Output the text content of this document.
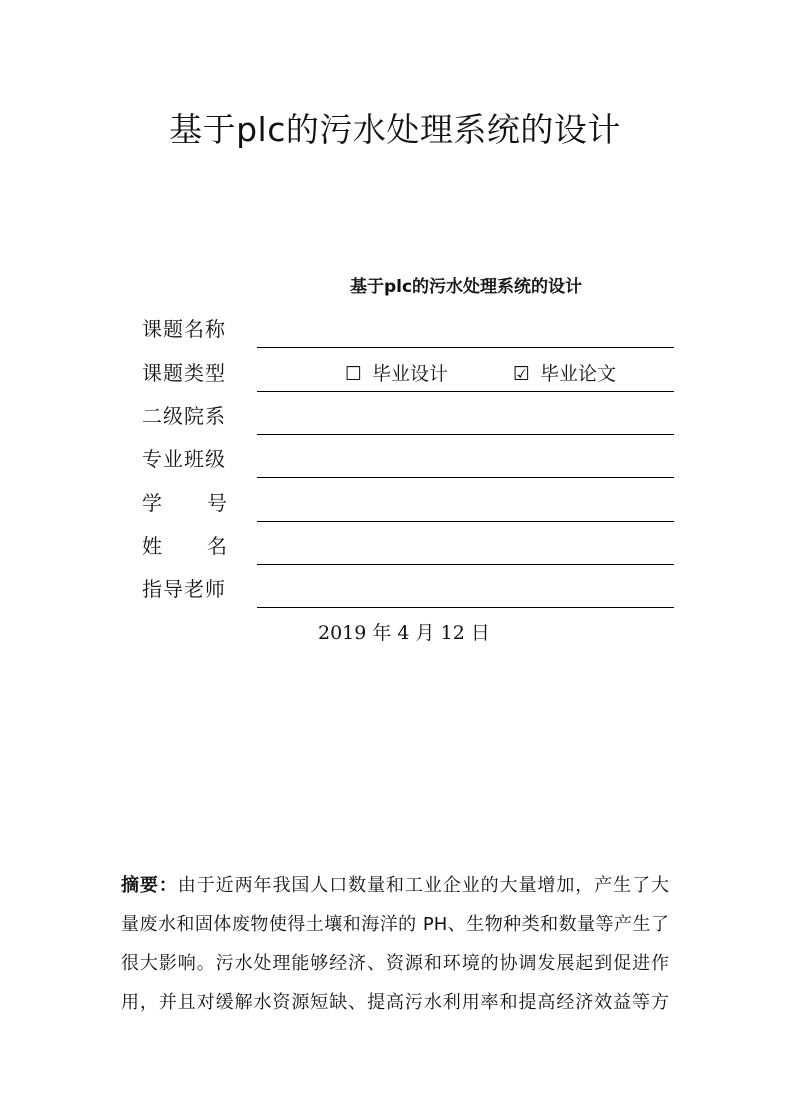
基于plc的污水处理系统的设计
基于plc的污水处理系统的设计
课题名称
课题类型	☐ 毕业设计	☑ 毕业论文
二级院系
专业班级
学 号
姓 名
指导老师
2019 年 4 月 12 日
摘要：由于近两年我国人口数量和工业企业的大量增加，产生了大
量废水和固体废物使得土壤和海洋的 PH、生物种类和数量等产生了
很大影响。污水处理能够经济、资源和环境的协调发展起到促进作
用，并且对缓解水资源短缺、提高污水利用率和提高经济效益等方
